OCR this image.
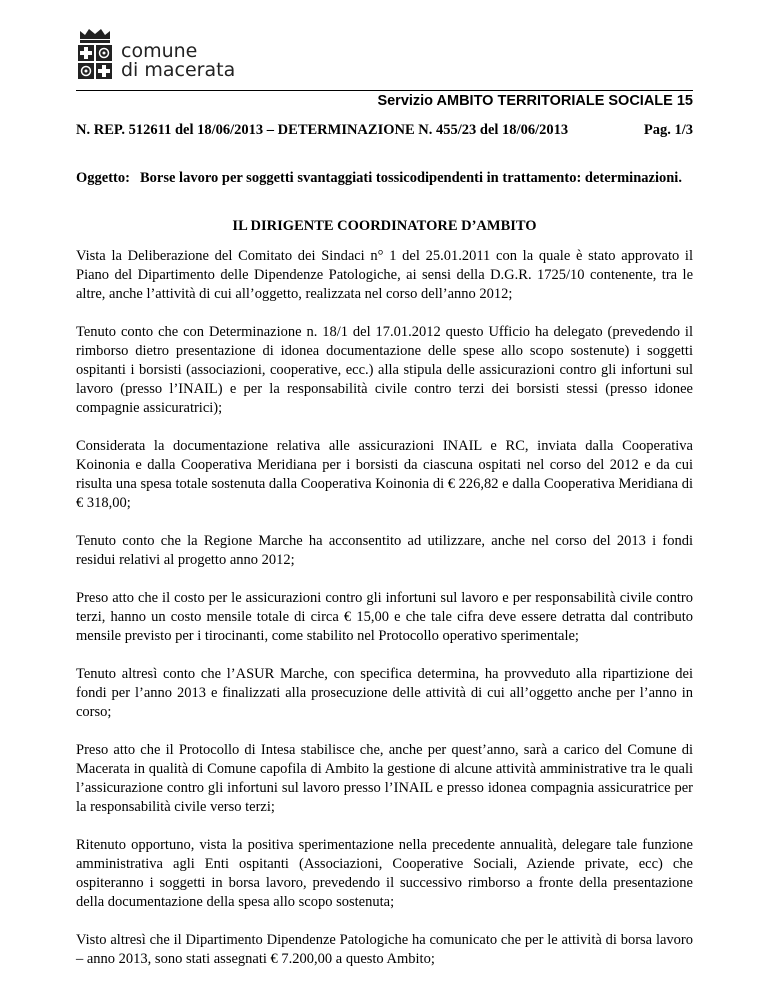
comune
di macerata
Servizio AMBITO TERRITORIALE SOCIALE 15
N. REP. 512611 del 18/06/2013 – DETERMINAZIONE N. 455/23 del 18/06/2013	Pag. 1/3
Oggetto: Borse lavoro per soggetti svantaggiati tossicodipendenti in trattamento: determinazioni.
IL DIRIGENTE COORDINATORE D’AMBITO

Vista la Deliberazione del Comitato dei Sindaci n° 1 del 25.01.2011 con la quale è stato approvato il Piano del Dipartimento delle Dipendenze Patologiche, ai sensi della D.G.R. 1725/10 contenente, tra le altre, anche l’attività di cui all’oggetto, realizzata nel corso dell’anno 2012;

Tenuto conto che con Determinazione n. 18/1 del 17.01.2012 questo Ufficio ha delegato (prevedendo il rimborso dietro presentazione di idonea documentazione delle spese allo scopo sostenute) i soggetti ospitanti i borsisti (associazioni, cooperative, ecc.) alla stipula delle assicurazioni contro gli infortuni sul lavoro (presso l’INAIL) e per la responsabilità civile contro terzi dei borsisti stessi (presso idonee compagnie assicuratrici);

Considerata la documentazione relativa alle assicurazioni INAIL e RC, inviata dalla Cooperativa Koinonia e dalla Cooperativa Meridiana per i borsisti da ciascuna ospitati nel corso del 2012 e da cui risulta una spesa totale sostenuta dalla Cooperativa Koinonia di € 226,82 e dalla Cooperativa Meridiana di € 318,00;

Tenuto conto che la Regione Marche ha acconsentito ad utilizzare, anche nel corso del 2013 i fondi residui relativi al progetto anno 2012;

Preso atto che il costo per le assicurazioni contro gli infortuni sul lavoro e per responsabilità civile contro terzi, hanno un costo mensile totale di circa € 15,00 e che tale cifra deve essere detratta dal contributo mensile previsto per i tirocinanti, come stabilito nel Protocollo operativo sperimentale;

Tenuto altresì conto che l’ASUR Marche, con specifica determina, ha provveduto alla ripartizione dei fondi per l’anno 2013 e finalizzati alla prosecuzione delle attività di cui all’oggetto anche per l’anno in corso;

Preso atto che il Protocollo di Intesa stabilisce che, anche per quest’anno, sarà a carico del Comune di Macerata in qualità di Comune capofila di Ambito la gestione di alcune attività amministrative tra le quali l’assicurazione contro gli infortuni sul lavoro presso l’INAIL e presso idonea compagnia assicuratrice per la responsabilità civile verso terzi;

Ritenuto opportuno, vista la positiva sperimentazione nella precedente annualità, delegare tale funzione amministrativa agli Enti ospitanti (Associazioni, Cooperative Sociali, Aziende private, ecc) che ospiteranno i soggetti in borsa lavoro, prevedendo il successivo rimborso a fronte della presentazione della documentazione della spesa allo scopo sostenuta;

Visto altresì che il Dipartimento Dipendenze Patologiche ha comunicato che per le attività di borsa lavoro – anno 2013, sono stati assegnati € 7.200,00 a questo Ambito;
